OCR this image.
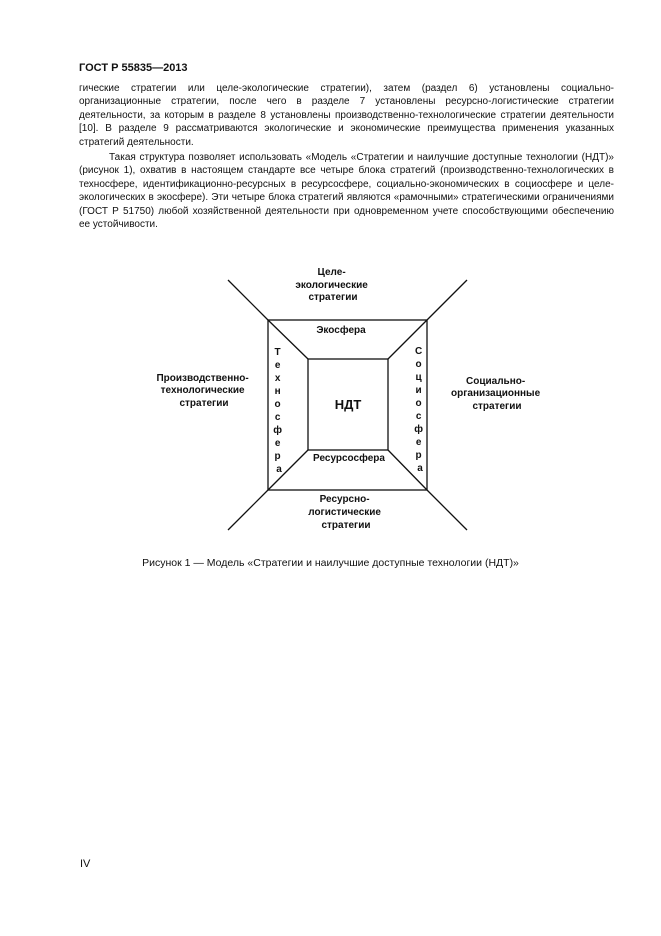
ГОСТ Р 55835—2013

гические стратегии или целе-экологические стратегии), затем (раздел 6) установлены социально-организационные стратегии, после чего в разделе 7 установлены ресурсно-логистические стратегии деятельности, за которым в разделе 8 установлены производственно-технологические стратегии деятельности [10]. В разделе 9 рассматриваются экологические и экономические преимущества применения указанных стратегий деятельности.

Такая структура позволяет использовать «Модель «Стратегии и наилучшие доступные технологии (НДТ)» (рисунок 1), охватив в настоящем стандарте все четыре блока стратегий (производственно-технологических в техносфере, идентификационно-ресурсных в ресурсосфере, социально-экономических в социосфере и целе-экологических в экосфере). Эти четыре блока стратегий являются «рамочными» стратегическими ограничениями (ГОСТ Р 51750) любой хозяйственной деятельности при одновременном учете способствующими обеспечению ее устойчивости.

Целе- экологические стратегии
Производственно- технологические стратегии
Социально- организационные стратегии
Ресурсно- логистические стратегии
Экосфера
Ресурсосфера
НДТ
Т е х н о с ф е р а
С о ц и о с ф е р а
Рисунок 1 — Модель «Стратегии и наилучшие доступные технологии (НДТ)»
IV
